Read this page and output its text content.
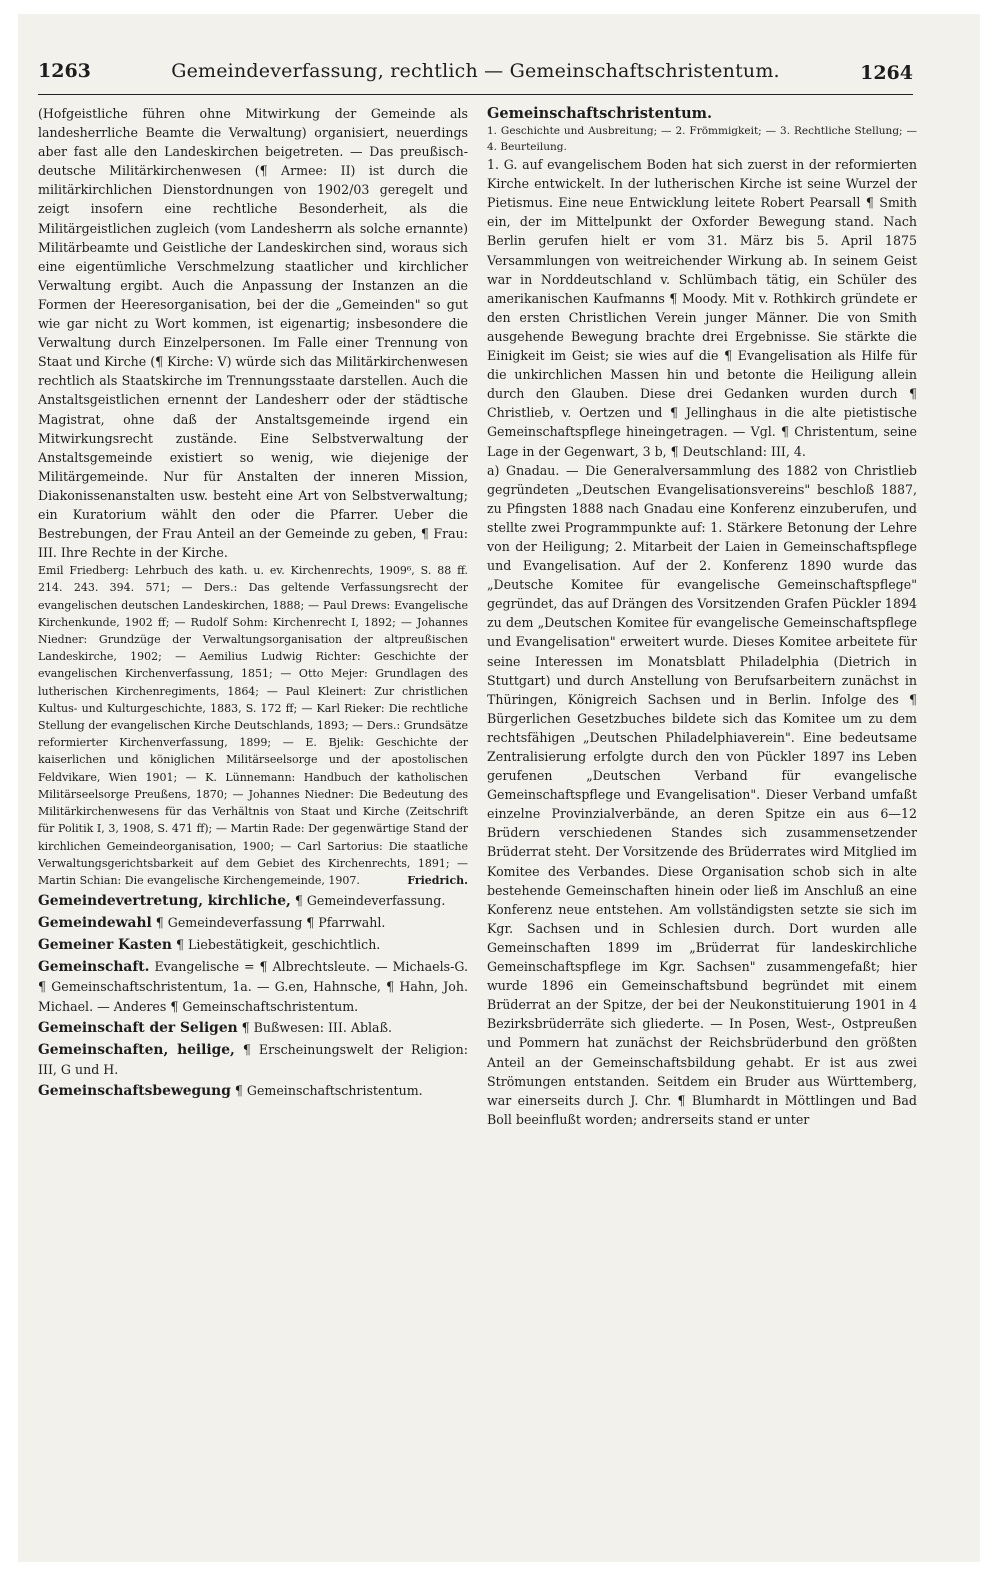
1263	Gemeindeverfassung, rechtlich — Gemeinschaftschristentum.	1264

(Hofgeistliche führen ohne Mitwirkung der Gemeinde als landesherrliche Beamte die Verwaltung) organisiert, neuerdings aber fast alle den Landeskirchen beigetreten. — Das preußisch-deutsche Militärkirchenwesen (¶ Armee: II) ist durch die militärkirchlichen Dienstordnungen von 1902/03 geregelt und zeigt insofern eine rechtliche Besonderheit, als die Militärgeistlichen zugleich (vom Landesherrn als solche ernannte) Militärbeamte und Geistliche der Landeskirchen sind, woraus sich eine eigentümliche Verschmelzung staatlicher und kirchlicher Verwaltung ergibt. Auch die Anpassung der Instanzen an die Formen der Heeresorganisation, bei der die „Gemeinden" so gut wie gar nicht zu Wort kommen, ist eigenartig; insbesondere die Verwaltung durch Einzelpersonen. Im Falle einer Trennung von Staat und Kirche (¶ Kirche: V) würde sich das Militärkirchenwesen rechtlich als Staatskirche im Trennungsstaate darstellen. Auch die Anstaltsgeistlichen ernennt der Landesherr oder der städtische Magistrat, ohne daß der Anstaltsgemeinde irgend ein Mitwirkungsrecht zustände. Eine Selbstverwaltung der Anstaltsgemeinde existiert so wenig, wie diejenige der Militärgemeinde. Nur für Anstalten der inneren Mission, Diakonissenanstalten usw. besteht eine Art von Selbstverwaltung; ein Kuratorium wählt den oder die Pfarrer. Ueber die Bestrebungen, der Frau Anteil an der Gemeinde zu geben, ¶ Frau: III. Ihre Rechte in der Kirche.

Emil Friedberg: Lehrbuch des kath. u. ev. Kirchenrechts, 1909⁶, S. 88 ff. 214. 243. 394. 571; — Ders.: Das geltende Verfassungsrecht der evangelischen deutschen Landeskirchen, 1888; — Paul Drews: Evangelische Kirchenkunde, 1902 ff; — Rudolf Sohm: Kirchenrecht I, 1892; — Johannes Niedner: Grundzüge der Verwaltungsorganisation der altpreußischen Landeskirche, 1902; — Aemilius Ludwig Richter: Geschichte der evangelischen Kirchenverfassung, 1851; — Otto Mejer: Grundlagen des lutherischen Kirchenregiments, 1864; — Paul Kleinert: Zur christlichen Kultus- und Kulturgeschichte, 1883, S. 172 ff; — Karl Rieker: Die rechtliche Stellung der evangelischen Kirche Deutschlands, 1893; — Ders.: Grundsätze reformierter Kirchenverfassung, 1899; — E. Bjelik: Geschichte der kaiserlichen und königlichen Militärseelsorge und der apostolischen Feldvikare, Wien 1901; — K. Lünnemann: Handbuch der katholischen Militärseelsorge Preußens, 1870; — Johannes Niedner: Die Bedeutung des Militärkirchenwesens für das Verhältnis von Staat und Kirche (Zeitschrift für Politik I, 3, 1908, S. 471 ff); — Martin Rade: Der gegenwärtige Stand der kirchlichen Gemeindeorganisation, 1900; — Carl Sartorius: Die staatliche Verwaltungsgerichtsbarkeit auf dem Gebiet des Kirchenrechts, 1891; — Martin Schian: Die evangelische Kirchengemeinde, 1907.	Friedrich.

Gemeindevertretung, kirchliche, ¶ Gemeindeverfassung.

Gemeindewahl ¶ Gemeindeverfassung ¶ Pfarrwahl.

Gemeiner Kasten ¶ Liebestätigkeit, geschichtlich.

Gemeinschaft. Evangelische = ¶ Albrechtsleute. — Michaels-G. ¶ Gemeinschaftschristentum, 1a. — G.en, Hahnsche, ¶ Hahn, Joh. Michael. — Anderes ¶ Gemeinschaftschristentum.

Gemeinschaft der Seligen ¶ Bußwesen: III. Ablaß.

Gemeinschaften, heilige, ¶ Erscheinungswelt der Religion: III, G und H.

Gemeinschaftsbewegung ¶ Gemeinschaftschristentum.

Gemeinschaftschristentum.

1. Geschichte und Ausbreitung; — 2. Frömmigkeit; — 3. Rechtliche Stellung; — 4. Beurteilung.

1. G. auf evangelischem Boden hat sich zuerst in der reformierten Kirche entwickelt. In der lutherischen Kirche ist seine Wurzel der Pietismus. Eine neue Entwicklung leitete Robert Pearsall ¶ Smith ein, der im Mittelpunkt der Oxforder Bewegung stand. Nach Berlin gerufen hielt er vom 31. März bis 5. April 1875 Versammlungen von weitreichender Wirkung ab. In seinem Geist war in Norddeutschland v. Schlümbach tätig, ein Schüler des amerikanischen Kaufmanns ¶ Moody. Mit v. Rothkirch gründete er den ersten Christlichen Verein junger Männer. Die von Smith ausgehende Bewegung brachte drei Ergebnisse. Sie stärkte die Einigkeit im Geist; sie wies auf die ¶ Evangelisation als Hilfe für die unkirchlichen Massen hin und betonte die Heiligung allein durch den Glauben. Diese drei Gedanken wurden durch ¶ Christlieb, v. Oertzen und ¶ Jellinghaus in die alte pietistische Gemeinschaftspflege hineingetragen. — Vgl. ¶ Christentum, seine Lage in der Gegenwart, 3 b, ¶ Deutschland: III, 4.

a) Gnadau. — Die Generalversammlung des 1882 von Christlieb gegründeten „Deutschen Evangelisationsvereins" beschloß 1887, zu Pfingsten 1888 nach Gnadau eine Konferenz einzuberufen, und stellte zwei Programmpunkte auf: 1. Stärkere Betonung der Lehre von der Heiligung; 2. Mitarbeit der Laien in Gemeinschaftspflege und Evangelisation. Auf der 2. Konferenz 1890 wurde das „Deutsche Komitee für evangelische Gemeinschaftspflege" gegründet, das auf Drängen des Vorsitzenden Grafen Pückler 1894 zu dem „Deutschen Komitee für evangelische Gemeinschaftspflege und Evangelisation" erweitert wurde. Dieses Komitee arbeitete für seine Interessen im Monatsblatt Philadelphia (Dietrich in Stuttgart) und durch Anstellung von Berufsarbeitern zunächst in Thüringen, Königreich Sachsen und in Berlin. Infolge des ¶ Bürgerlichen Gesetzbuches bildete sich das Komitee um zu dem rechtsfähigen „Deutschen Philadelphiaverein". Eine bedeutsame Zentralisierung erfolgte durch den von Pückler 1897 ins Leben gerufenen „Deutschen Verband für evangelische Gemeinschaftspflege und Evangelisation". Dieser Verband umfaßt einzelne Provinzialverbände, an deren Spitze ein aus 6—12 Brüdern verschiedenen Standes sich zusammensetzender Brüderrat steht. Der Vorsitzende des Brüderrates wird Mitglied im Komitee des Verbandes. Diese Organisation schob sich in alte bestehende Gemeinschaften hinein oder ließ im Anschluß an eine Konferenz neue entstehen. Am vollständigsten setzte sie sich im Kgr. Sachsen und in Schlesien durch. Dort wurden alle Gemeinschaften 1899 im „Brüderrat für landeskirchliche Gemeinschaftspflege im Kgr. Sachsen" zusammengefaßt; hier wurde 1896 ein Gemeinschaftsbund begründet mit einem Brüderrat an der Spitze, der bei der Neukonstituierung 1901 in 4 Bezirksbrüderräte sich gliederte. — In Posen, West-, Ostpreußen und Pommern hat zunächst der Reichsbrüderbund den größten Anteil an der Gemeinschaftsbildung gehabt. Er ist aus zwei Strömungen entstanden. Seitdem ein Bruder aus Württemberg, war einerseits durch J. Chr. ¶ Blumhardt in Möttlingen und Bad Boll beeinflußt worden; andrerseits stand er unter
